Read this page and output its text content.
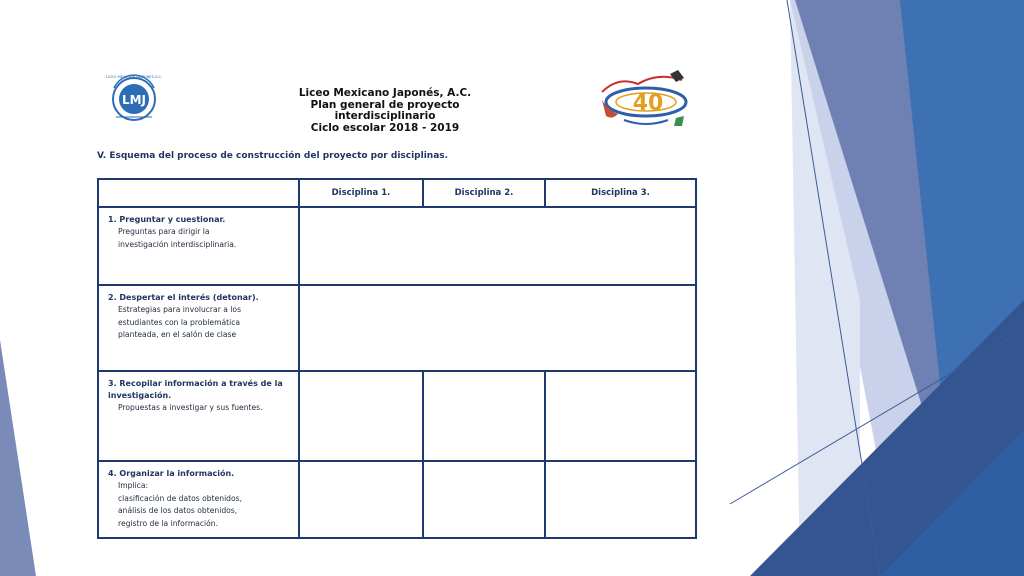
LMJ
LICEO MEXICANO JAPONÉS A.C.
Liceo Mexicano Japonés, A.C.
Plan general de proyecto interdisciplinario
Ciclo escolar 2018 - 2019
40
V. Esquema del proceso de construcción del proyecto por disciplinas.
	Disciplina 1.	Disciplina 2.	Disciplina 3.

1. Preguntar y cuestionar.
Preguntas para dirigir la
investigación interdisciplinaria.			

2. Despertar el interés (detonar).
Estrategias para involucrar a los
estudiantes con la problemática
planteada, en el salón de clase			

3. Recopilar información a través de la
investigación.
Propuestas a investigar y sus fuentes.			

4. Organizar la información.
Implica:
clasificación de datos obtenidos,
análisis de los datos obtenidos,
registro de la información.			
